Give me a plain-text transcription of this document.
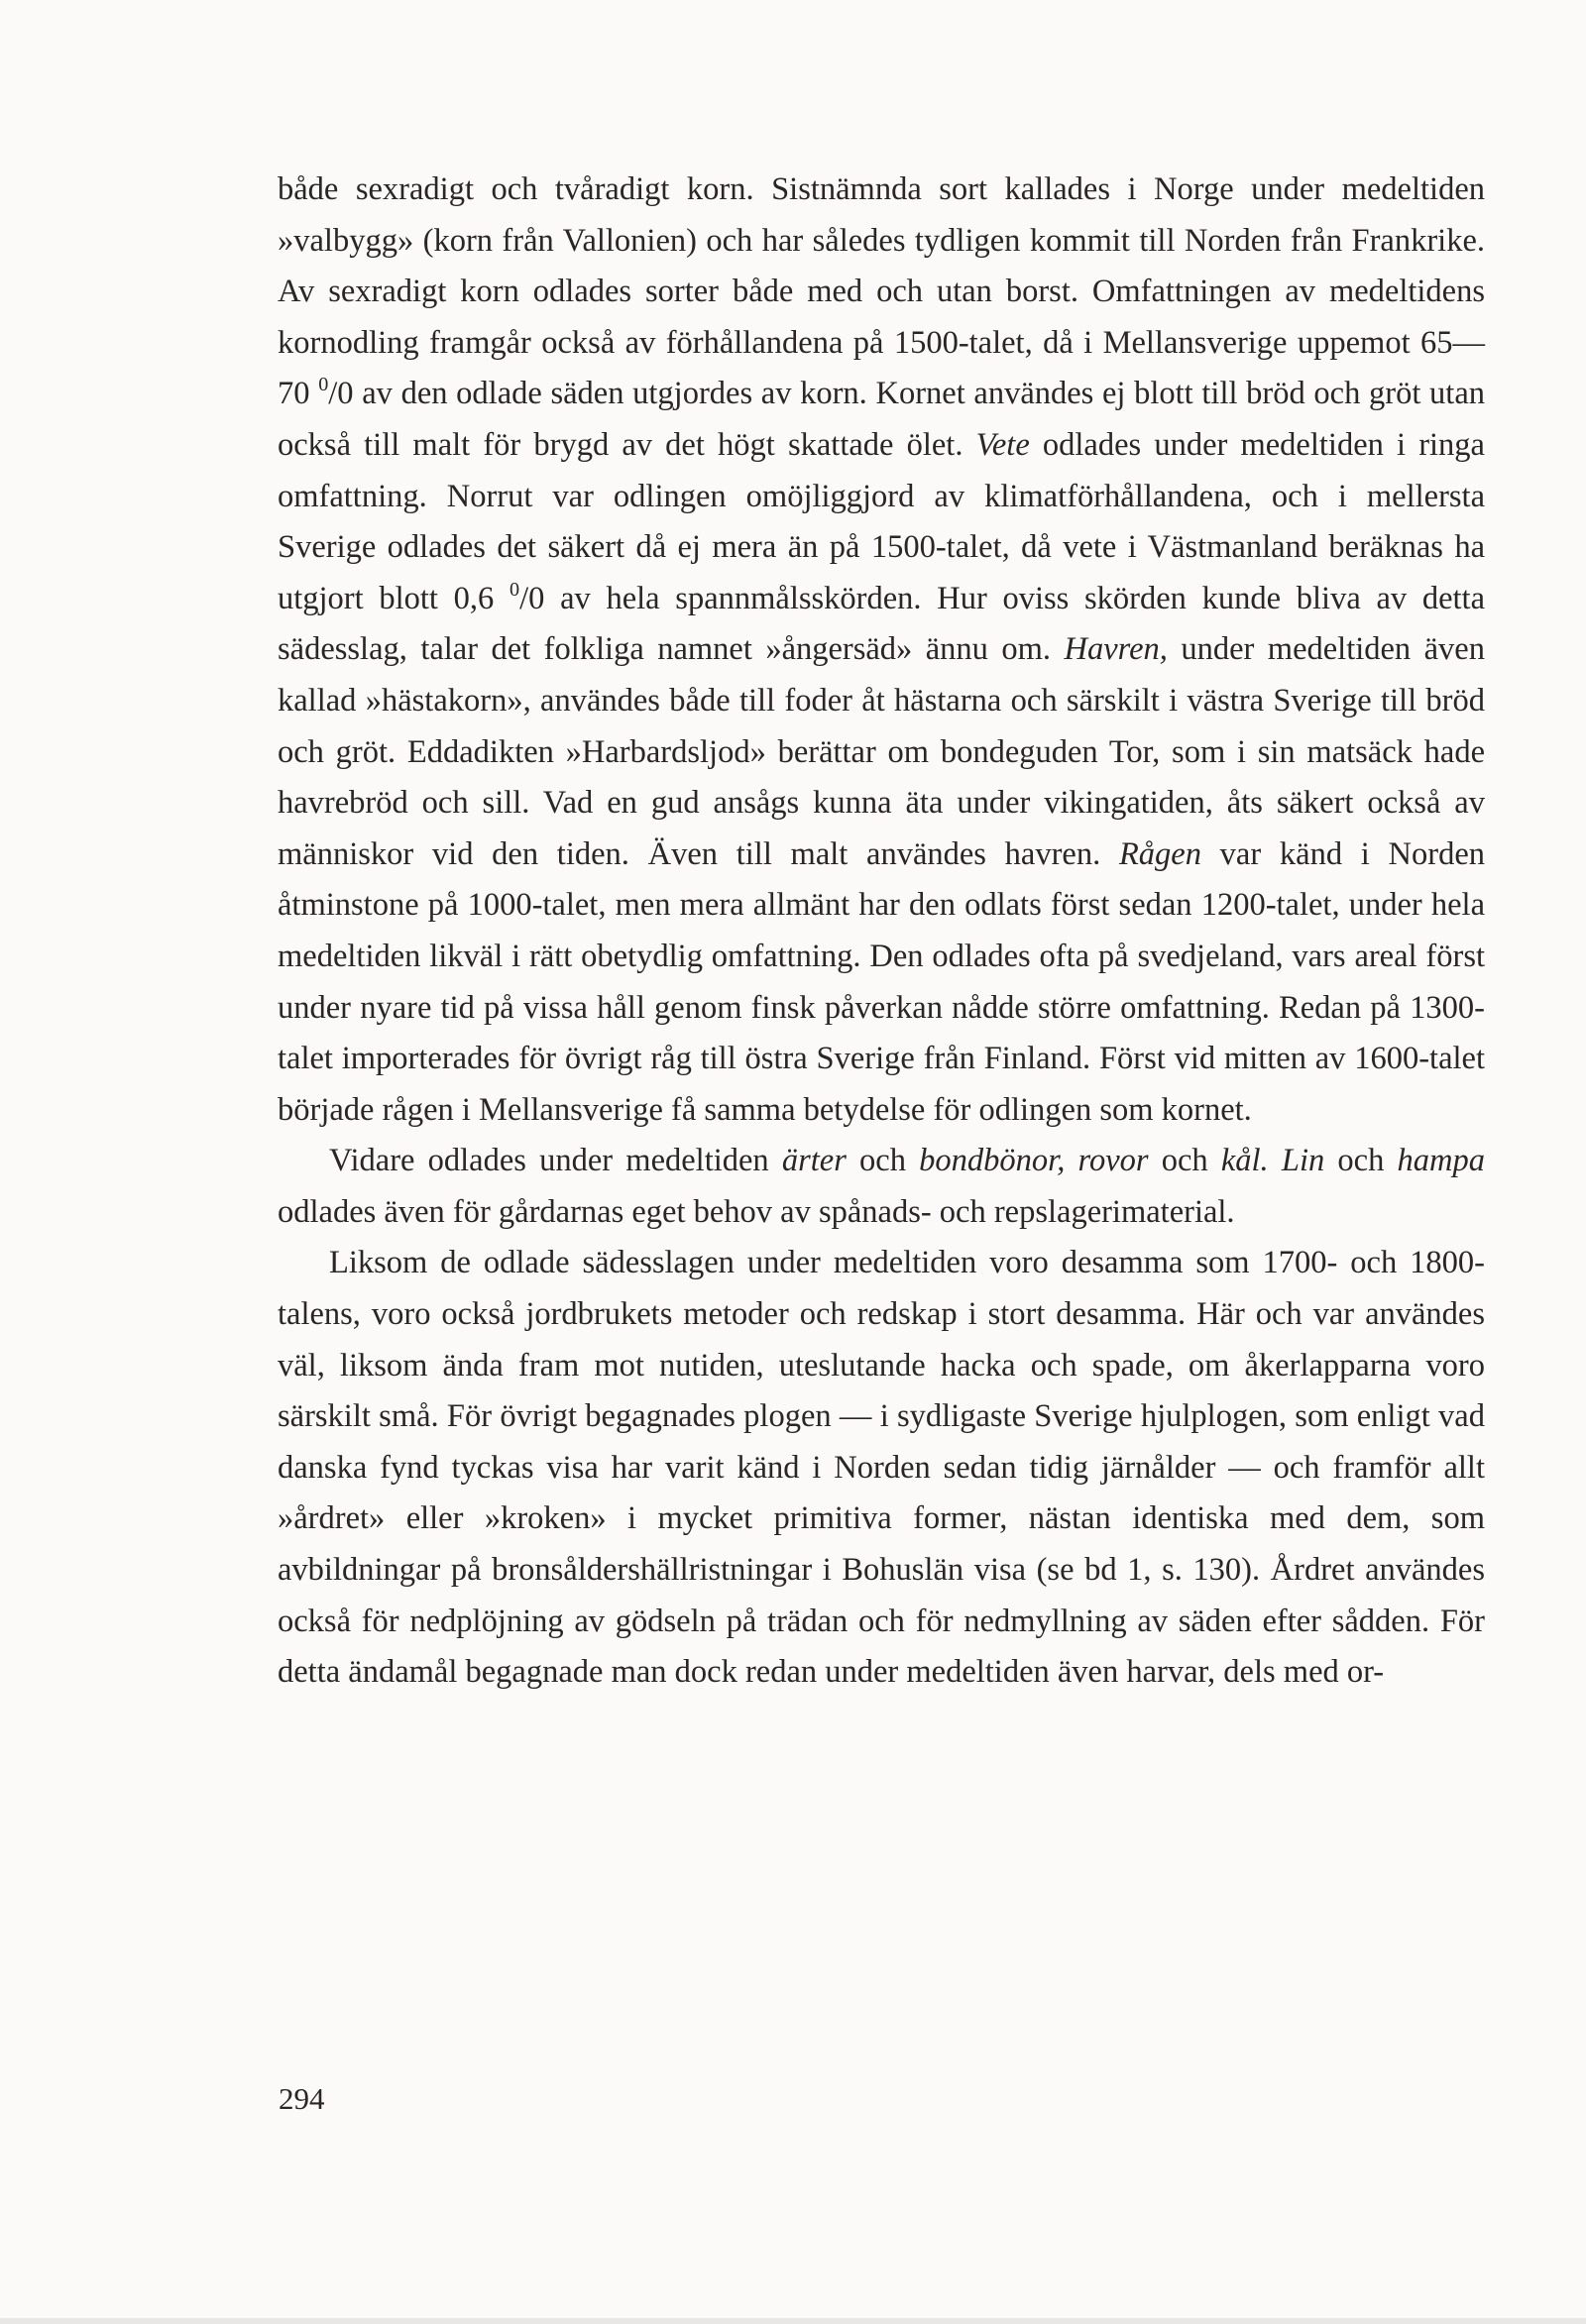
både sexradigt och tvåradigt korn. Sistnämnda sort kallades i Norge under medeltiden »valbygg» (korn från Vallonien) och har således tydligen kommit till Norden från Frankrike. Av sexradigt korn odlades sorter både med och utan borst. Omfattningen av medeltidens kornodling framgår också av förhållandena på 1500-talet, då i Mellansverige uppemot 65—70 $^0$/0 av den odlade säden utgjordes av korn. Kornet användes ej blott till bröd och gröt utan också till malt för brygd av det högt skattade ölet. Vete odlades under medeltiden i ringa omfattning. Norrut var odlingen omöjliggjord av klimatförhållandena, och i mellersta Sverige odlades det säkert då ej mera än på 1500-talet, då vete i Västmanland beräknas ha utgjort blott 0,6 $^0$/0 av hela spannmålsskörden. Hur oviss skörden kunde bliva av detta sädesslag, talar det folkliga namnet »ångersäd» ännu om. Havren, under medeltiden även kallad »hästakorn», användes både till foder åt hästarna och särskilt i västra Sverige till bröd och gröt. Eddadikten »Harbardsljod» berättar om bondeguden Tor, som i sin matsäck hade havrebröd och sill. Vad en gud ansågs kunna äta under vikingatiden, åts säkert också av människor vid den tiden. Även till malt användes havren. Rågen var känd i Norden åtminstone på 1000-talet, men mera allmänt har den odlats först sedan 1200-talet, under hela medeltiden likväl i rätt obetydlig omfattning. Den odlades ofta på svedjeland, vars areal först under nyare tid på vissa håll genom finsk påverkan nådde större omfattning. Redan på 1300-talet importerades för övrigt råg till östra Sverige från Finland. Först vid mitten av 1600-talet började rågen i Mellansverige få samma betydelse för odlingen som kornet.

Vidare odlades under medeltiden ärter och bondbönor, rovor och kål. Lin och hampa odlades även för gårdarnas eget behov av spånads- och repslagerimaterial.

Liksom de odlade sädesslagen under medeltiden voro desamma som 1700- och 1800-talens, voro också jordbrukets metoder och redskap i stort desamma. Här och var användes väl, liksom ända fram mot nutiden, uteslutande hacka och spade, om åkerlapparna voro särskilt små. För övrigt begagnades plogen — i sydligaste Sverige hjulplogen, som enligt vad danska fynd tyckas visa har varit känd i Norden sedan tidig järnålder — och framför allt »årdret» eller »kroken» i mycket primitiva former, nästan identiska med dem, som avbildningar på bronsåldershällristningar i Bohuslän visa (se bd 1, s. 130). Årdret användes också för nedplöjning av gödseln på trädan och för nedmyllning av säden efter sådden. För detta ändamål begagnade man dock redan under medeltiden även harvar, dels med or-

294
